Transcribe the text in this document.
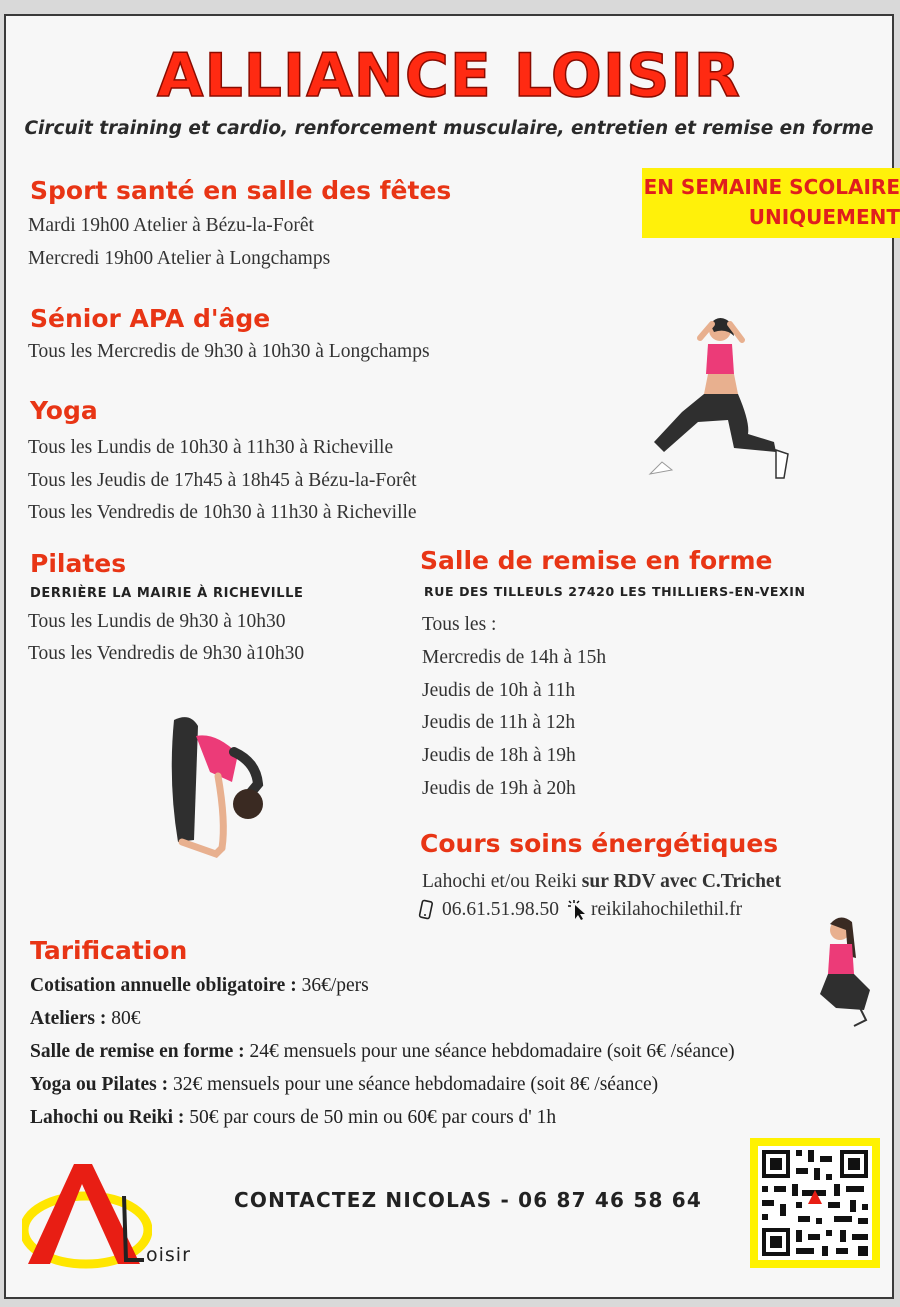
ALLIANCE LOISIR
Circuit training et cardio, renforcement musculaire, entretien et remise en forme
EN SEMAINE SCOLAIRE
UNIQUEMENT
Sport santé en salle des fêtes
Mardi 19h00 Atelier à Bézu-la-Forêt
Mercredi 19h00 Atelier à Longchamps
Sénior APA d'âge
Tous les Mercredis de 9h30 à 10h30 à Longchamps
Yoga
Tous les Lundis de 10h30 à 11h30 à Richeville
Tous les Jeudis de 17h45 à 18h45 à Bézu-la-Forêt
Tous les Vendredis de 10h30 à 11h30 à Richeville
Pilates
DERRIÈRE LA MAIRIE À RICHEVILLE
Tous les Lundis de 9h30 à 10h30
Tous les Vendredis de 9h30 à10h30
Salle de remise en forme
RUE DES TILLEULS 27420 LES THILLIERS-EN-VEXIN
Tous les :
Mercredis de 14h à 15h
Jeudis de 10h à 11h
Jeudis de 11h à 12h
Jeudis de 18h à 19h
Jeudis de 19h à 20h
Cours soins énergétiques
Lahochi et/ou Reiki sur RDV avec C.Trichet
06.61.51.98.50 reikilahochilethil.fr
Tarification
Cotisation annuelle obligatoire : 36€/pers
Ateliers : 80€
Salle de remise en forme : 24€ mensuels pour une séance hebdomadaire (soit 6€ /séance)
Yoga ou Pilates : 32€ mensuels pour une séance hebdomadaire (soit 8€ /séance)
Lahochi ou Reiki : 50€ par cours de 50 min ou 60€ par cours d' 1h
CONTACTEZ NICOLAS - 06 87 46 58 64
oisir
